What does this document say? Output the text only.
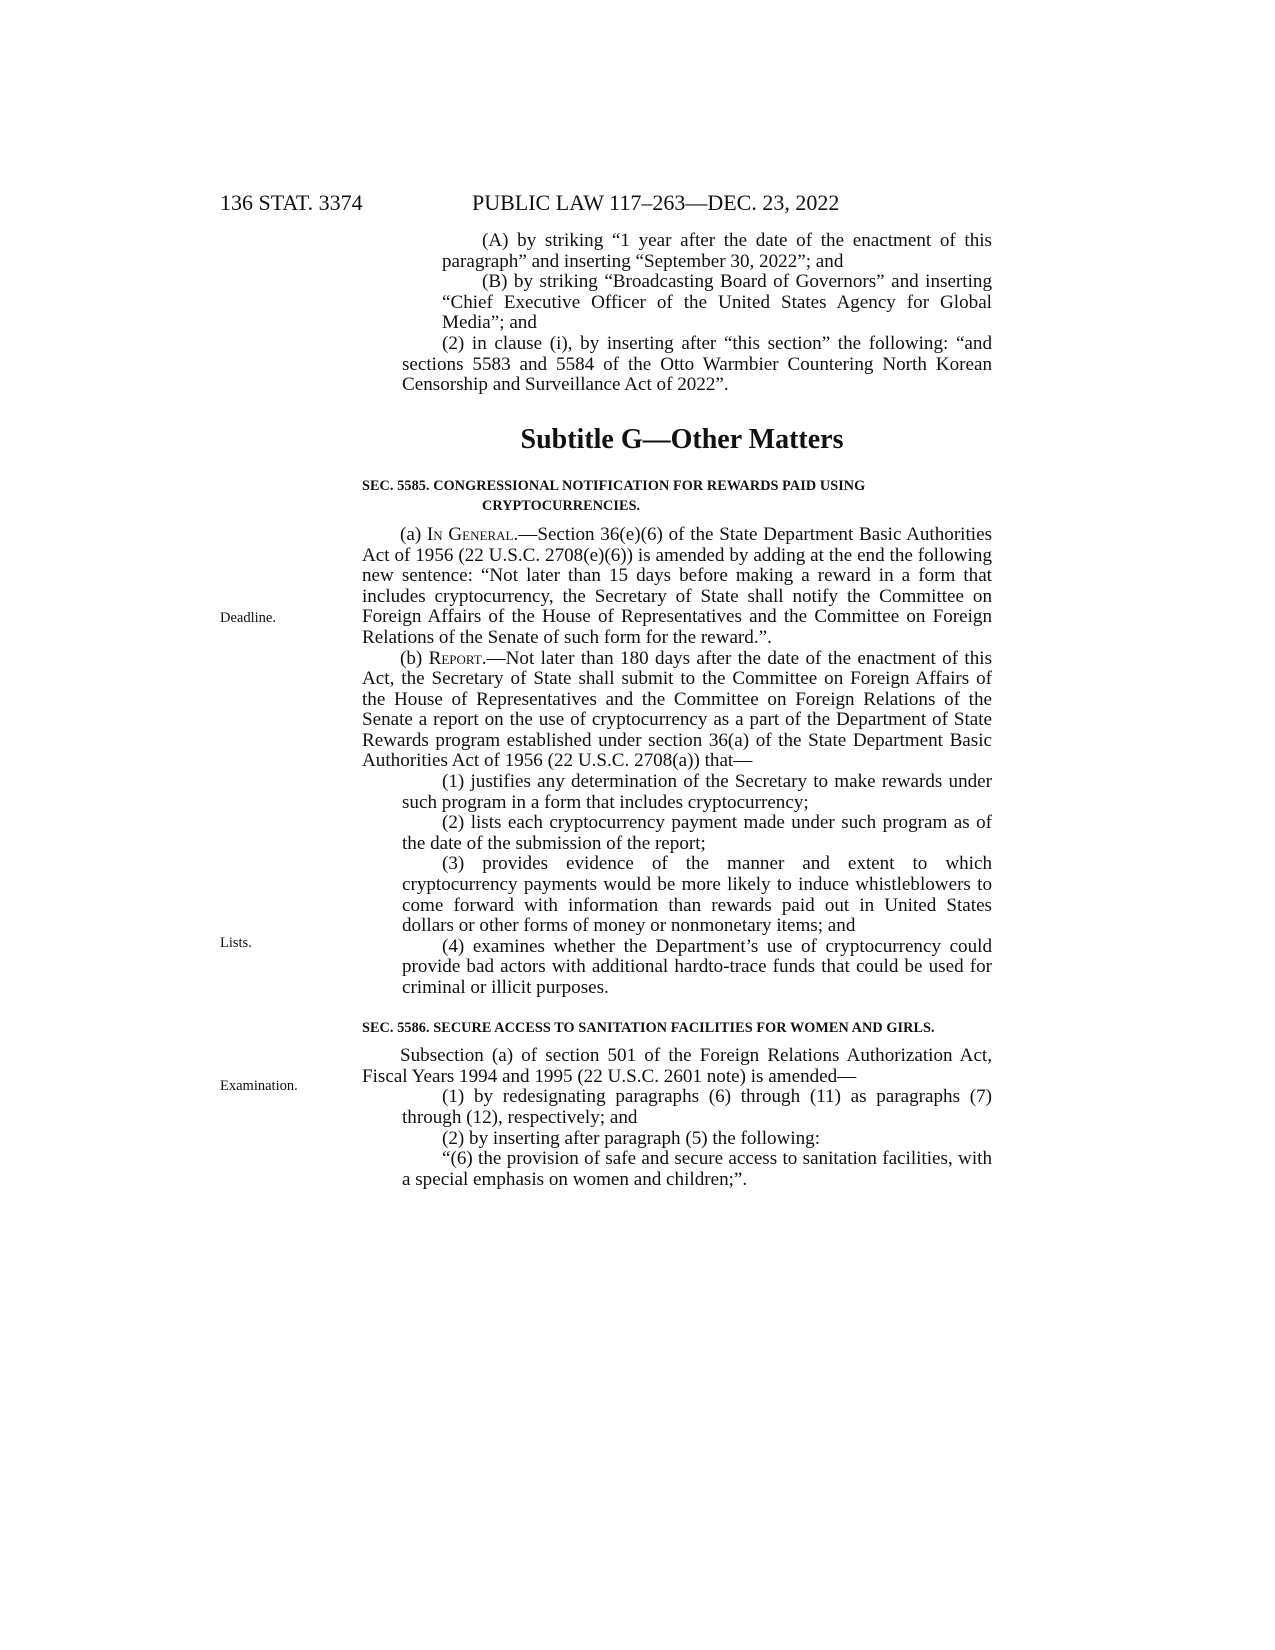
136 STAT. 3374	PUBLIC LAW 117–263—DEC. 23, 2022
Deadline.
Lists.
Examination.

(A) by striking “1 year after the date of the enactment of this paragraph” and inserting “September 30, 2022”; and

(B) by striking “Broadcasting Board of Governors” and inserting “Chief Executive Officer of the United States Agency for Global Media”; and

(2) in clause (i), by inserting after “this section” the following: “and sections 5583 and 5584 of the Otto Warmbier Countering North Korean Censorship and Surveillance Act of 2022”.

Subtitle G—Other Matters
SEC. 5585. CONGRESSIONAL NOTIFICATION FOR REWARDS PAID USING CRYPTOCURRENCIES.

(a) In General.—Section 36(e)(6) of the State Department Basic Authorities Act of 1956 (22 U.S.C. 2708(e)(6)) is amended by adding at the end the following new sentence: “Not later than 15 days before making a reward in a form that includes cryptocurrency, the Secretary of State shall notify the Committee on Foreign Affairs of the House of Representatives and the Committee on Foreign Relations of the Senate of such form for the reward.”.

(b) Report.—Not later than 180 days after the date of the enactment of this Act, the Secretary of State shall submit to the Committee on Foreign Affairs of the House of Representatives and the Committee on Foreign Relations of the Senate a report on the use of cryptocurrency as a part of the Department of State Rewards program established under section 36(a) of the State Department Basic Authorities Act of 1956 (22 U.S.C. 2708(a)) that—

(1) justifies any determination of the Secretary to make rewards under such program in a form that includes cryptocurrency;

(2) lists each cryptocurrency payment made under such program as of the date of the submission of the report;

(3) provides evidence of the manner and extent to which cryptocurrency payments would be more likely to induce whistleblowers to come forward with information than rewards paid out in United States dollars or other forms of money or nonmonetary items; and

(4) examines whether the Department’s use of cryptocurrency could provide bad actors with additional hardto-trace funds that could be used for criminal or illicit purposes.

SEC. 5586. SECURE ACCESS TO SANITATION FACILITIES FOR WOMEN AND GIRLS.

Subsection (a) of section 501 of the Foreign Relations Authorization Act, Fiscal Years 1994 and 1995 (22 U.S.C. 2601 note) is amended—

(1) by redesignating paragraphs (6) through (11) as paragraphs (7) through (12), respectively; and

(2) by inserting after paragraph (5) the following:

“(6) the provision of safe and secure access to sanitation facilities, with a special emphasis on women and children;”.
